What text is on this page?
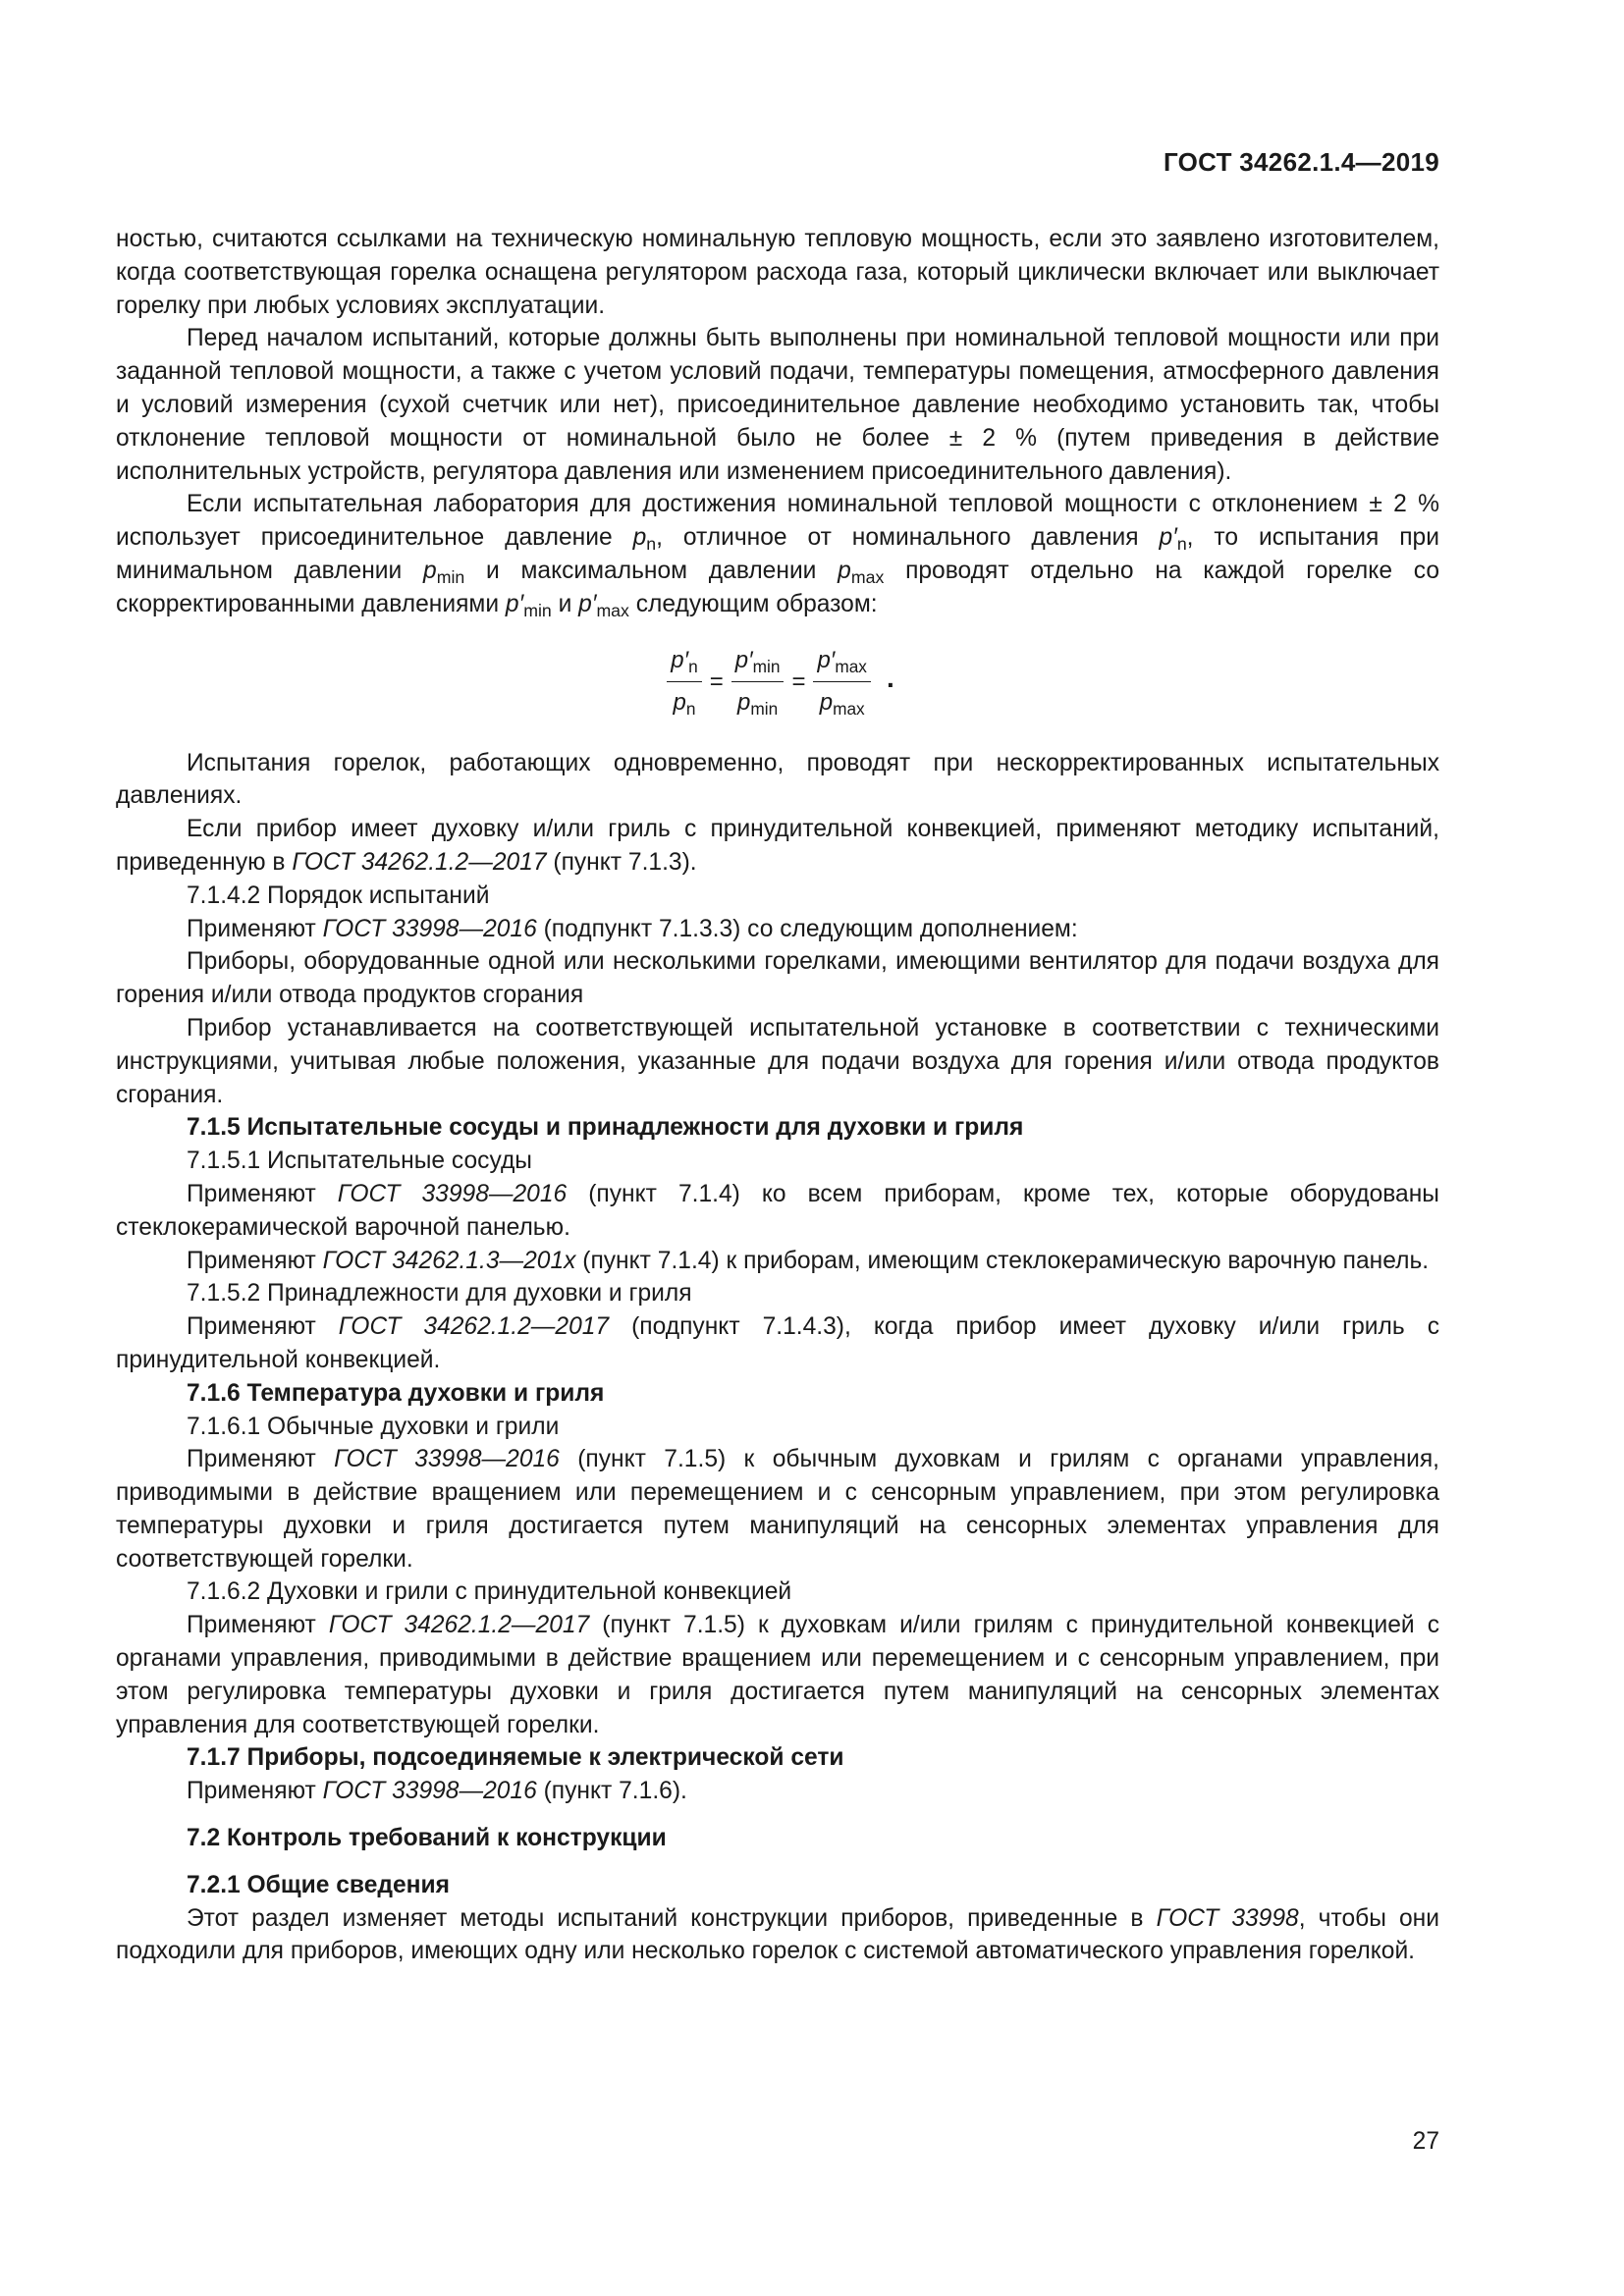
ГОСТ 34262.1.4—2019

ностью, считаются ссылками на техническую номинальную тепловую мощность, если это заявлено изготовителем, когда соответствующая горелка оснащена регулятором расхода газа, который циклически включает или выключает горелку при любых условиях эксплуатации.

Перед началом испытаний, которые должны быть выполнены при номинальной тепловой мощности или при заданной тепловой мощности, а также с учетом условий подачи, температуры помещения, атмосферного давления и условий измерения (сухой счетчик или нет), присоединительное давление необходимо установить так, чтобы отклонение тепловой мощности от номинальной было не более ± 2 % (путем приведения в действие исполнительных устройств, регулятора давления или изменением присоединительного давления).

Если испытательная лаборатория для достижения номинальной тепловой мощности с отклонением ± 2 % использует присоединительное давление $p_n$, отличное от номинального давления $p'_n$, то испытания при минимальном давлении $p_{min}$ и максимальном давлении $p_{max}$ проводят отдельно на каждой горелке со скорректированными давлениями $p'_{min}$ и $p'_{max}$ следующим образом:

$\frac{p'_n}{p_n} = \frac{p'_{min}}{p_{min}} = \frac{p'_{max}}{p_{max}}$ .

Испытания горелок, работающих одновременно, проводят при нескорректированных испытательных давлениях.

Если прибор имеет духовку и/или гриль с принудительной конвекцией, применяют методику испытаний, приведенную в ГОСТ 34262.1.2—2017 (пункт 7.1.3).

7.1.4.2 Порядок испытаний

Применяют ГОСТ 33998—2016 (подпункт 7.1.3.3) со следующим дополнением:

Приборы, оборудованные одной или несколькими горелками, имеющими вентилятор для подачи воздуха для горения и/или отвода продуктов сгорания

Прибор устанавливается на соответствующей испытательной установке в соответствии с техническими инструкциями, учитывая любые положения, указанные для подачи воздуха для горения и/или отвода продуктов сгорания.

7.1.5 Испытательные сосуды и принадлежности для духовки и гриля

7.1.5.1 Испытательные сосуды

Применяют ГОСТ 33998—2016 (пункт 7.1.4) ко всем приборам, кроме тех, которые оборудованы стеклокерамической варочной панелью.

Применяют ГОСТ 34262.1.3—201х (пункт 7.1.4) к приборам, имеющим стеклокерамическую варочную панель.

7.1.5.2 Принадлежности для духовки и гриля

Применяют ГОСТ 34262.1.2—2017 (подпункт 7.1.4.3), когда прибор имеет духовку и/или гриль с принудительной конвекцией.

7.1.6 Температура духовки и гриля

7.1.6.1 Обычные духовки и грили

Применяют ГОСТ 33998—2016 (пункт 7.1.5) к обычным духовкам и грилям с органами управления, приводимыми в действие вращением или перемещением и с сенсорным управлением, при этом регулировка температуры духовки и гриля достигается путем манипуляций на сенсорных элементах управления для соответствующей горелки.

7.1.6.2 Духовки и грили с принудительной конвекцией

Применяют ГОСТ 34262.1.2—2017 (пункт 7.1.5) к духовкам и/или грилям с принудительной конвекцией с органами управления, приводимыми в действие вращением или перемещением и с сенсорным управлением, при этом регулировка температуры духовки и гриля достигается путем манипуляций на сенсорных элементах управления для соответствующей горелки.

7.1.7 Приборы, подсоединяемые к электрической сети

Применяют ГОСТ 33998—2016 (пункт 7.1.6).

7.2 Контроль требований к конструкции

7.2.1 Общие сведения

Этот раздел изменяет методы испытаний конструкции приборов, приведенные в ГОСТ 33998, чтобы они подходили для приборов, имеющих одну или несколько горелок с системой автоматического управления горелкой.

27
